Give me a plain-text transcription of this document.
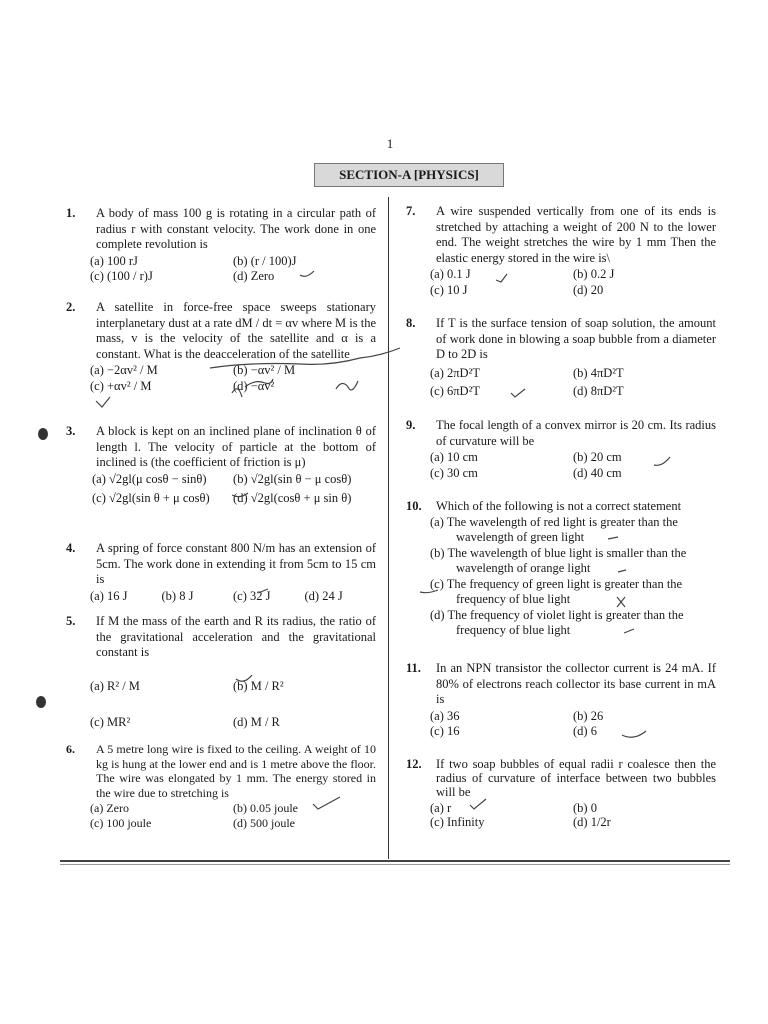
1
SECTION-A [PHYSICS]
1. A body of mass 100 g is rotating in a circular path of radius r with constant velocity. The work done in one complete revolution is
(a) 100 rJ	(b) (r / 100)J
(c) (100 / r)J	(d) Zero
2. A satellite in force-free space sweeps stationary interplanetary dust at a rate dM / dt = αv where M is the mass, v is the velocity of the satellite and α is a constant. What is the deacceleration of the satellite
(a) −2αv² / M	(b) −αv² / M
(c) +αv² / M	(d) −αv²
3. A block is kept on an inclined plane of inclination θ of length l. The velocity of particle at the bottom of inclined is (the coefficient of friction is μ)
(a) √2gl(μ cosθ − sinθ)	(b) √2gl(sin θ − μ cosθ)
(c) √2gl(sin θ + μ cosθ)	(d) √2gl(cosθ + μ sin θ)
4. A spring of force constant 800 N/m has an extension of 5cm. The work done in extending it from 5cm to 15 cm is
(a) 16 J	(b) 8 J	(c) 32 J	(d) 24 J
5. If M the mass of the earth and R its radius, the ratio of the gravitational acceleration and the gravitational constant is
(a) R² / M	(b) M / R²
(c) MR²	(d) M / R
6. A 5 metre long wire is fixed to the ceiling. A weight of 10 kg is hung at the lower end and is 1 metre above the floor. The wire was elongated by 1 mm. The energy stored in the wire due to stretching is
(a) Zero	(b) 0.05 joule
(c) 100 joule	(d) 500 joule
7. A wire suspended vertically from one of its ends is stretched by attaching a weight of 200 N to the lower end. The weight stretches the wire by 1 mm Then the elastic energy stored in the wire is\
(a) 0.1 J	(b) 0.2 J
(c) 10 J	(d) 20
8. If T is the surface tension of soap solution, the amount of work done in blowing a soap bubble from a diameter D to 2D is
(a) 2πD²T	(b) 4πD²T
(c) 6πD²T	(d) 8πD²T
9. The focal length of a convex mirror is 20 cm. Its radius of curvature will be
(a) 10 cm	(b) 20 cm
(c) 30 cm	(d) 40 cm
10. Which of the following is not a correct statement
(a) The wavelength of red light is greater than the wavelength of green light
(b) The wavelength of blue light is smaller than the wavelength of orange light
(c) The frequency of green light is greater than the frequency of blue light
(d) The frequency of violet light is greater than the frequency of blue light
11. In an NPN transistor the collector current is 24 mA. If 80% of electrons reach collector its base current in mA is
(a) 36	(b) 26
(c) 16	(d) 6
12. If two soap bubbles of equal radii r coalesce then the radius of curvature of interface between two bubbles will be
(a) r	(b) 0
(c) Infinity	(d) 1/2r
